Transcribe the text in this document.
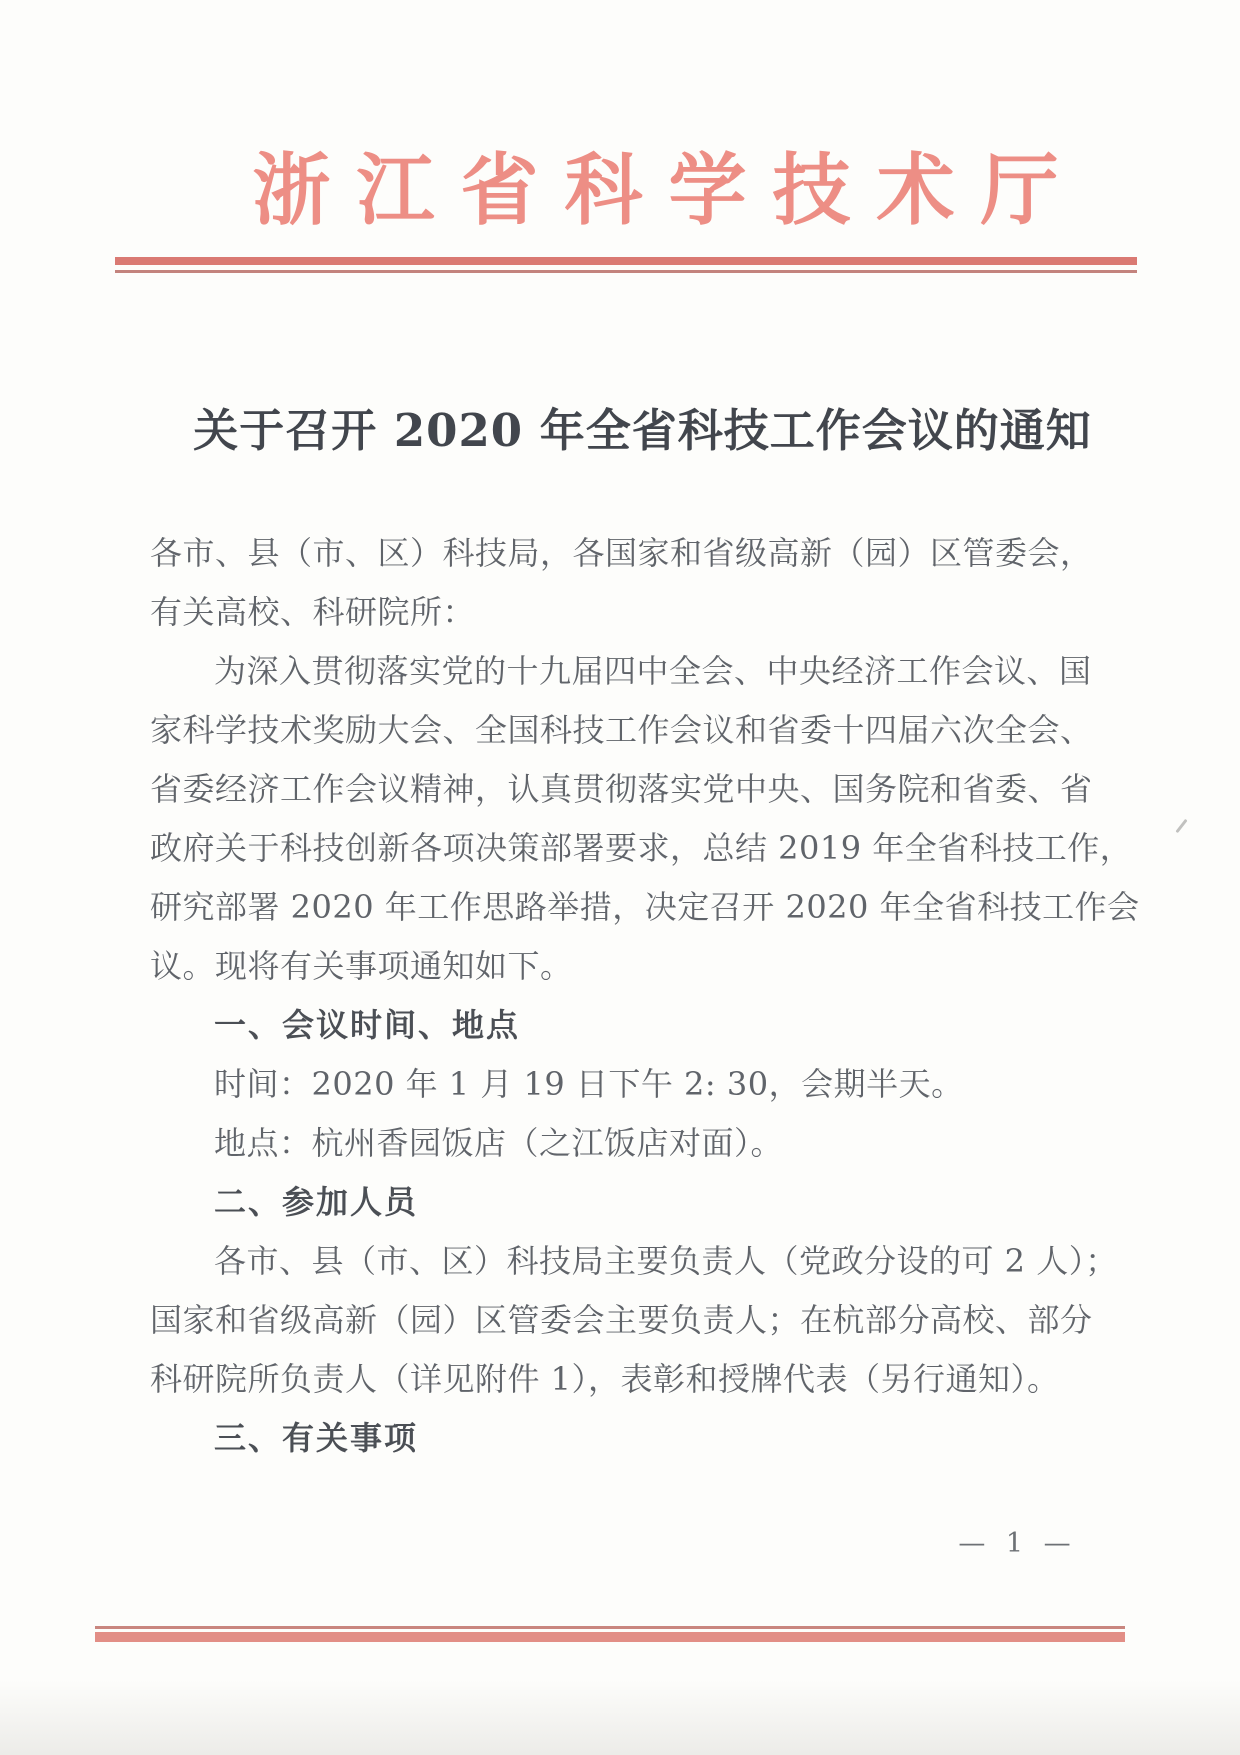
浙江省科学技术厅
关于召开 2020 年全省科技工作会议的通知
各市、县（市、区）科技局，各国家和省级高新（园）区管委会，
有关高校、科研院所：
为深入贯彻落实党的十九届四中全会、中央经济工作会议、国
家科学技术奖励大会、全国科技工作会议和省委十四届六次全会、
省委经济工作会议精神，认真贯彻落实党中央、国务院和省委、省
政府关于科技创新各项决策部署要求，总结 2019 年全省科技工作，
研究部署 2020 年工作思路举措，决定召开 2020 年全省科技工作会
议。现将有关事项通知如下。
一、会议时间、地点
时间：2020 年 1 月 19 日下午 2: 30，会期半天。
地点：杭州香园饭店（之江饭店对面）。
二、参加人员
各市、县（市、区）科技局主要负责人（党政分设的可 2 人）；
国家和省级高新（园）区管委会主要负责人；在杭部分高校、部分
科研院所负责人（详见附件 1），表彰和授牌代表（另行通知）。
三、有关事项
— 1 —
